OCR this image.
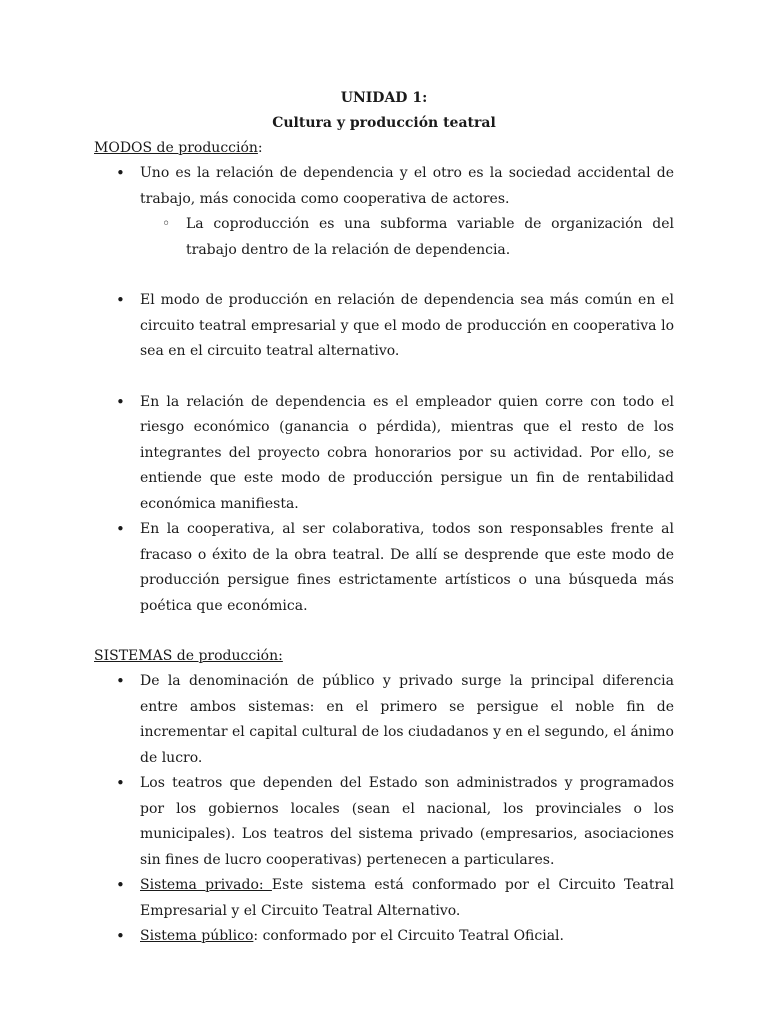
UNIDAD 1:

Cultura y producción teatral

MODOS de producción:

• Uno es la relación de dependencia y el otro es la sociedad accidental de trabajo, más conocida como cooperativa de actores.
◦ La coproducción es una subforma variable de organización del trabajo dentro de la relación de dependencia.
• El modo de producción en relación de dependencia sea más común en el circuito teatral empresarial y que el modo de producción en cooperativa lo sea en el circuito teatral alternativo.
• En la relación de dependencia es el empleador quien corre con todo el riesgo económico (ganancia o pérdida), mientras que el resto de los integrantes del proyecto cobra honorarios por su actividad. Por ello, se entiende que este modo de producción persigue un fin de rentabilidad económica manifiesta.
• En la cooperativa, al ser colaborativa, todos son responsables frente al fracaso o éxito de la obra teatral. De allí se desprende que este modo de producción persigue fines estrictamente artísticos o una búsqueda más poética que económica.

SISTEMAS de producción:

• De la denominación de público y privado surge la principal diferencia entre ambos sistemas: en el primero se persigue el noble fin de incrementar el capital cultural de los ciudadanos y en el segundo, el ánimo de lucro.
• Los teatros que dependen del Estado son administrados y programados por los gobiernos locales (sean el nacional, los provinciales o los municipales). Los teatros del sistema privado (empresarios, asociaciones sin fines de lucro cooperativas) pertenecen a particulares.
• Sistema privado: Este sistema está conformado por el Circuito Teatral Empresarial y el Circuito Teatral Alternativo.
• Sistema público: conformado por el Circuito Teatral Oficial.
